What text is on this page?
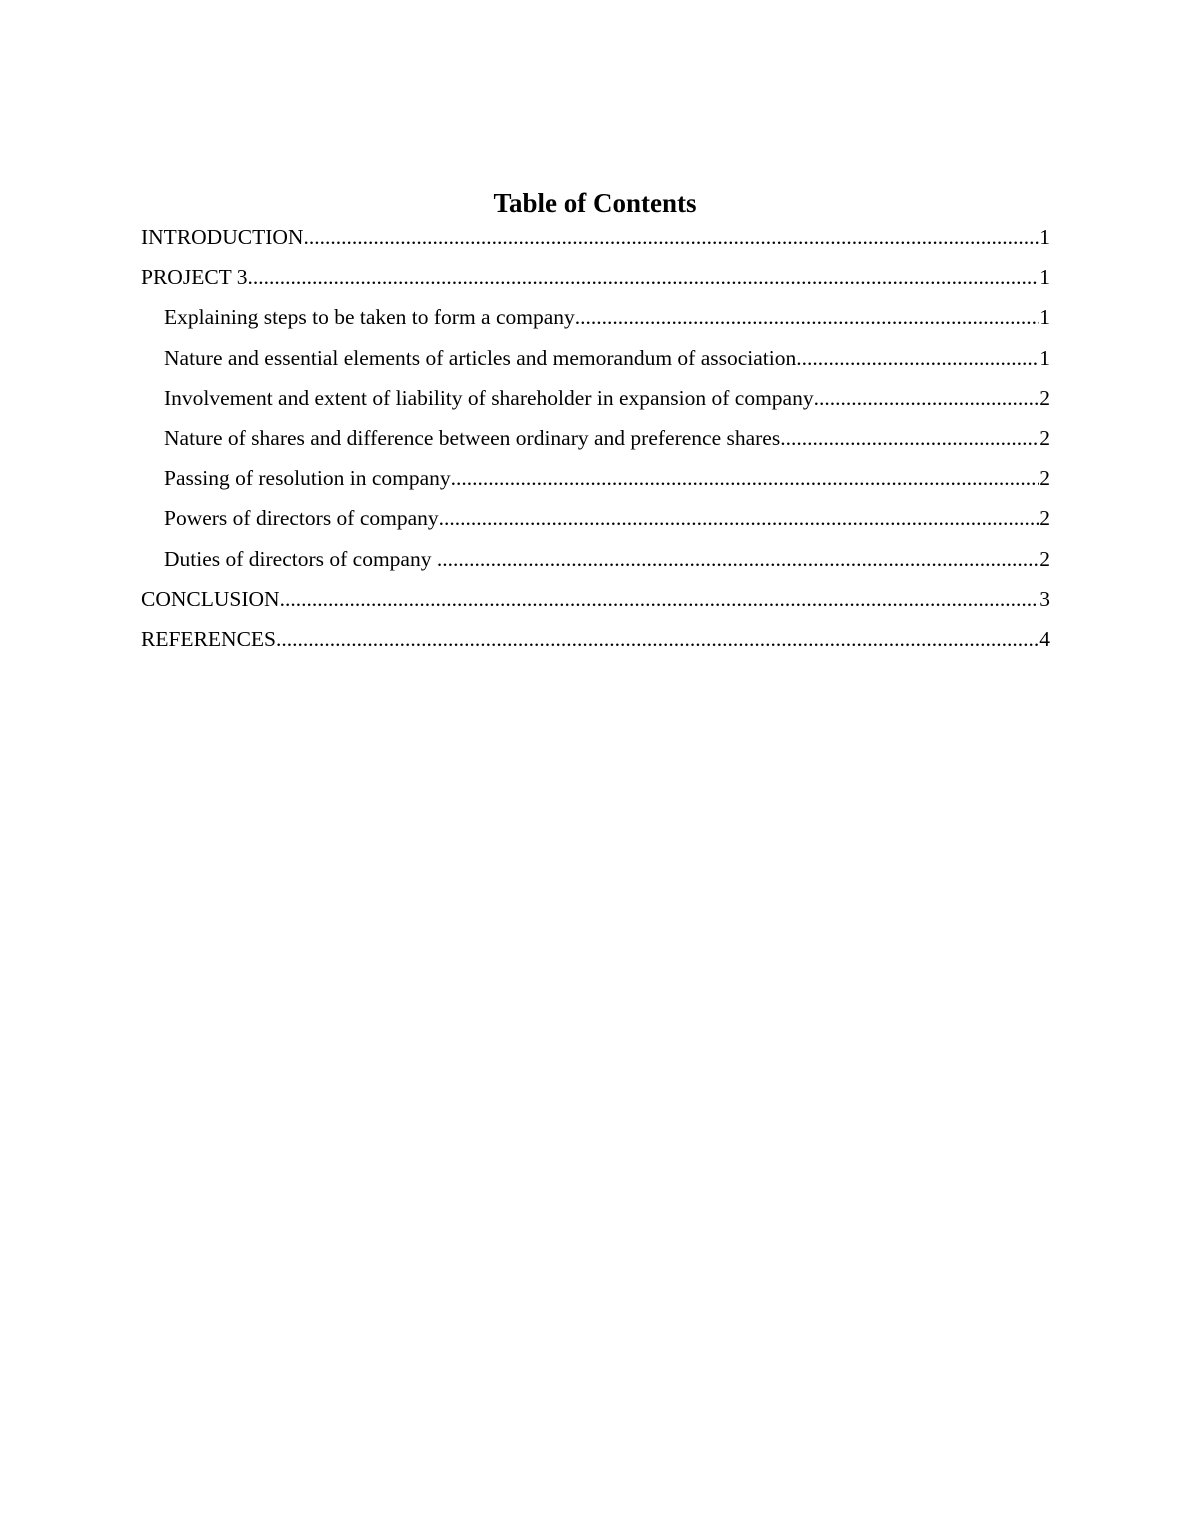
Table of Contents
INTRODUCTION .....	1
PROJECT 3 .....	1
Explaining steps to be taken to form a company .....	1
Nature and essential elements of articles and memorandum of association .....	1
Involvement and extent of liability of shareholder in expansion of company .....	2
Nature of shares and difference between ordinary and preference shares .....	2
Passing of resolution in company .....	2
Powers of directors of company .....	2
Duties of directors of company .....	2
CONCLUSION .....	3
REFERENCES .....	4
